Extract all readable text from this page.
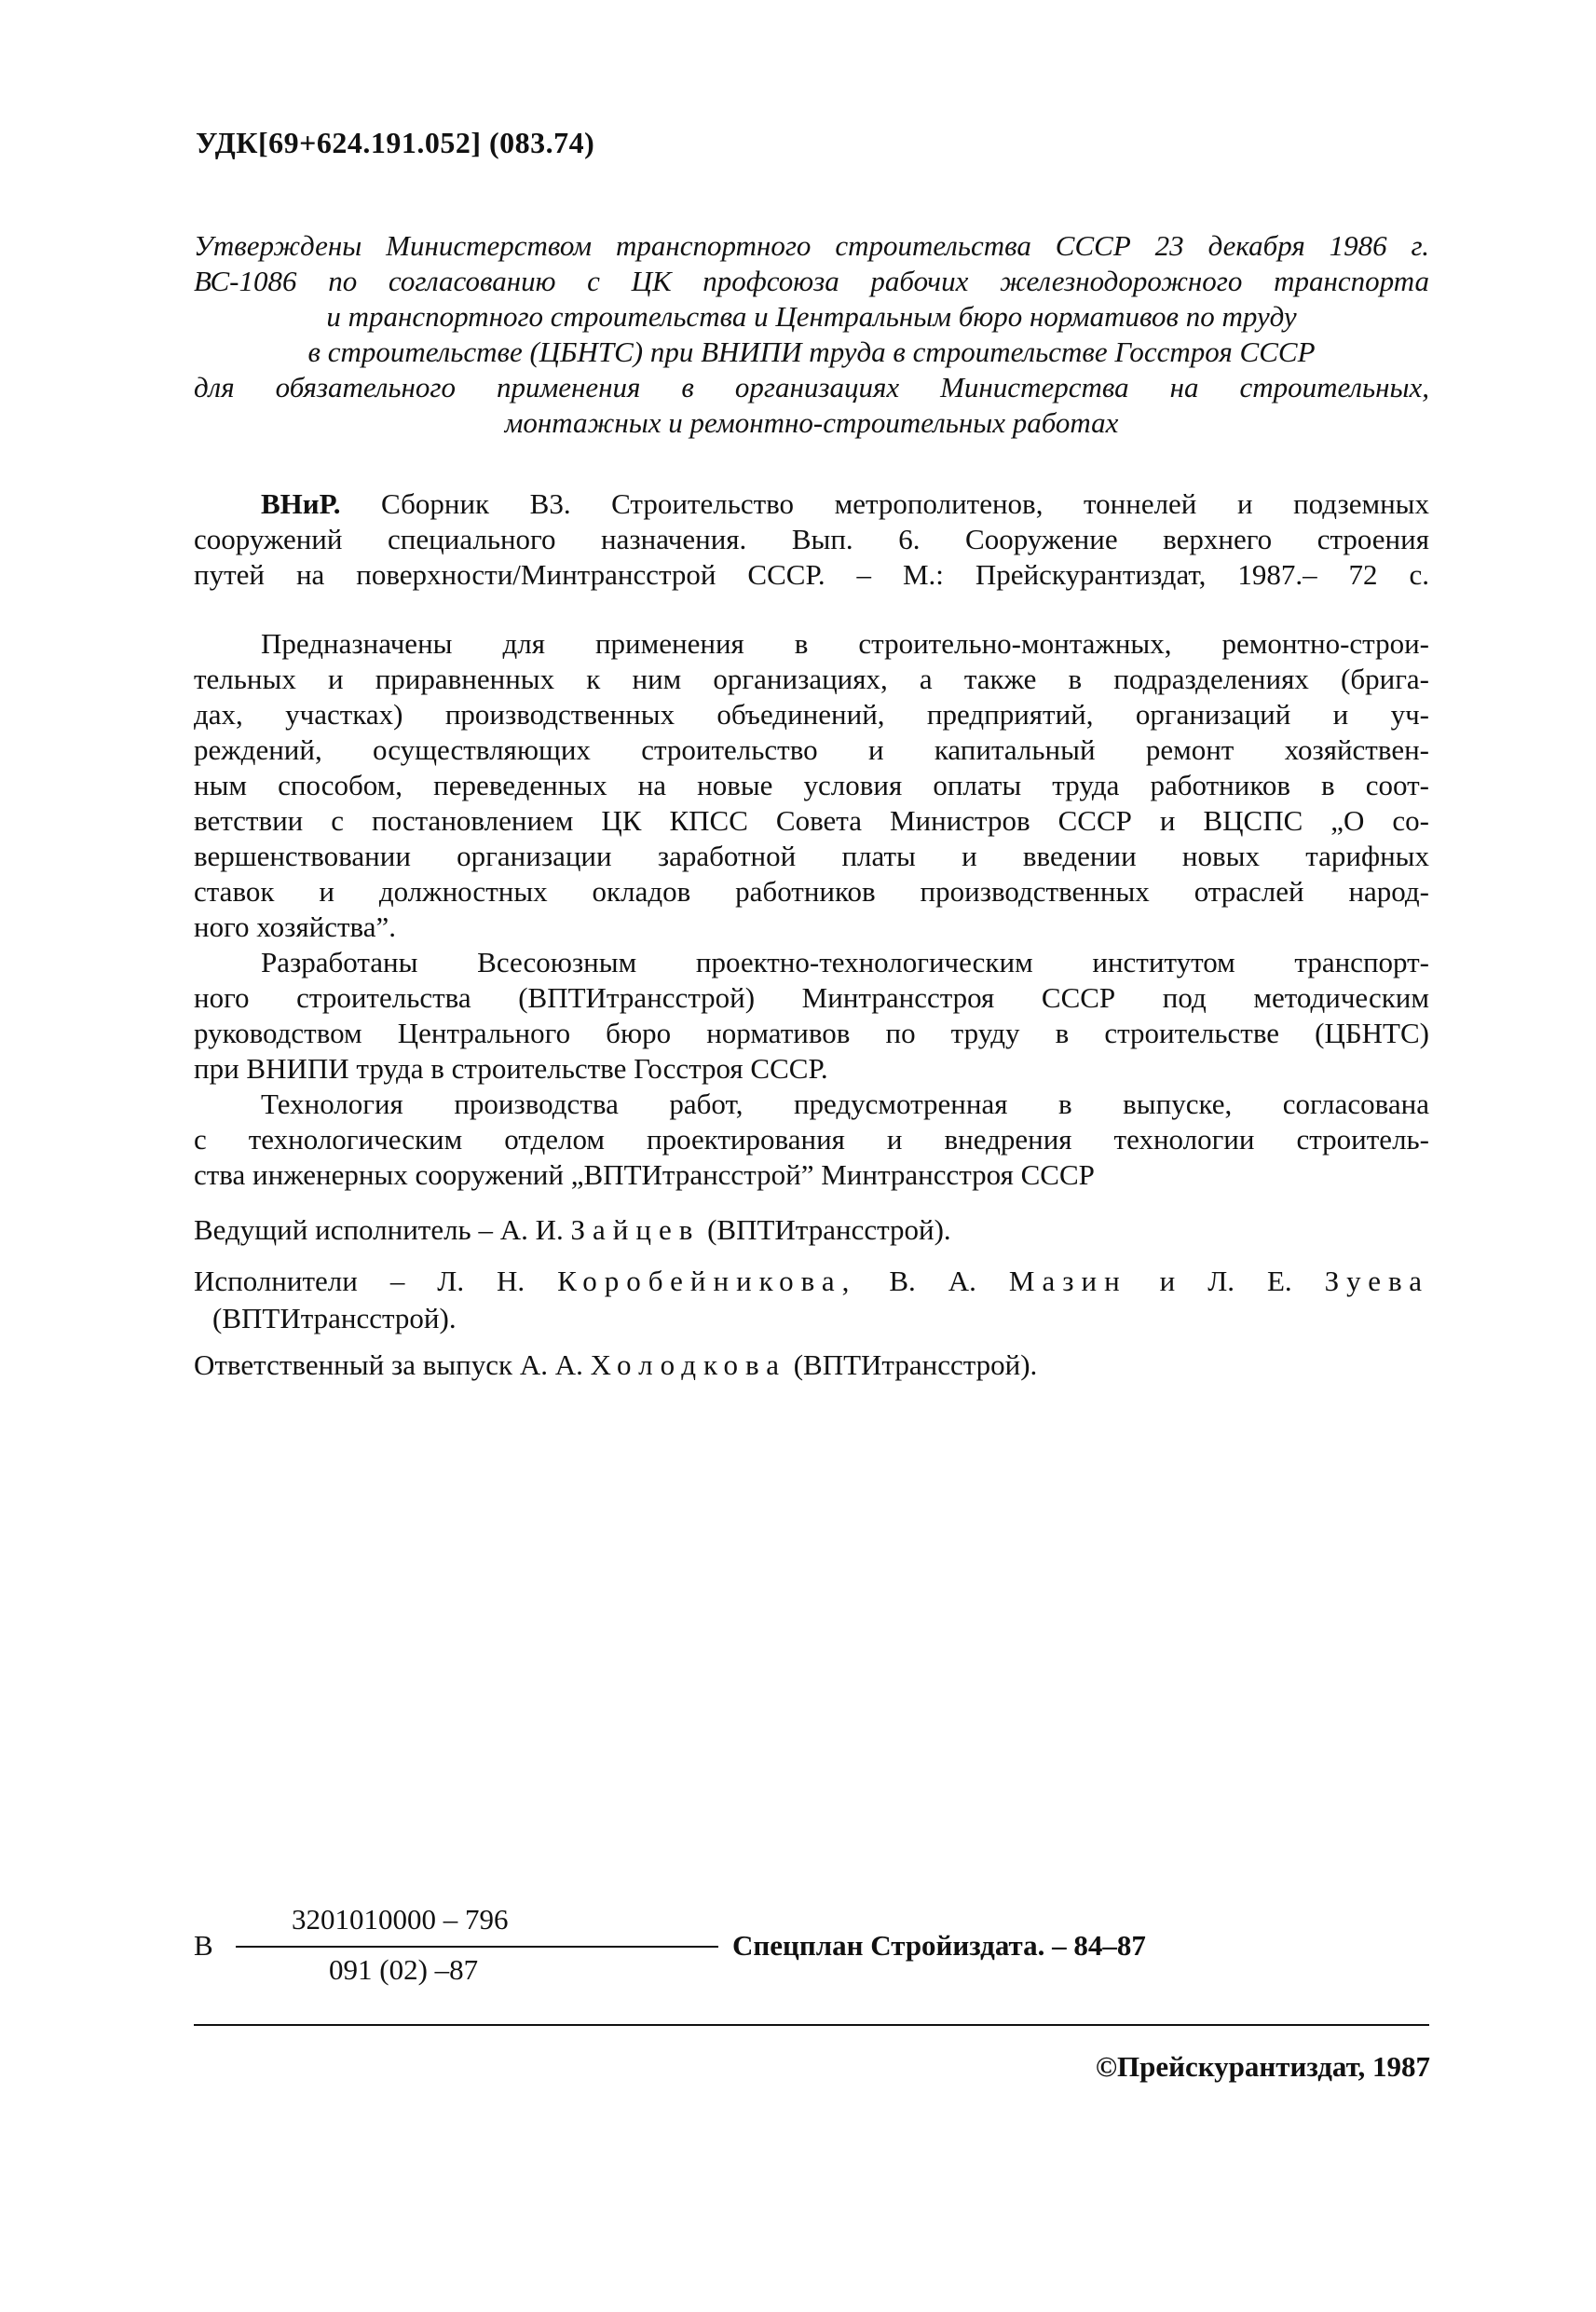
УДК[69+624.191.052] (083.74)
Утверждены Министерством транспортного строительства СССР 23 декабря 1986 г.
ВС-1086 по согласованию с ЦК профсоюза рабочих железнодорожного транспорта
и транспортного строительства и Центральным бюро нормативов по труду
в строительстве (ЦБНТС) при ВНИПИ труда в строительстве Госстроя СССР
для обязательного применения в организациях Министерства на строительных,
монтажных и ремонтно-строительных работах
ВНиР. Сборник В3. Строительство метрополитенов, тоннелей и подземных
сооружений специального назначения. Вып. 6. Сооружение верхнего строения
путей на поверхности/Минтрансстрой СССР. – М.: Прейскурантиздат, 1987.– 72 с.
Предназначены для применения в строительно-монтажных, ремонтно-строи-
тельных и приравненных к ним организациях, а также в подразделениях (брига-
дах, участках) производственных объединений, предприятий, организаций и уч-
реждений, осуществляющих строительство и капитальный ремонт хозяйствен-
ным способом, переведенных на новые условия оплаты труда работников в соот-
ветствии с постановлением ЦК КПСС Совета Министров СССР и ВЦСПС „О со-
вершенствовании организации заработной платы и введении новых тарифных
ставок и должностных окладов работников производственных отраслей народ-
ного хозяйства”.
Разработаны Всесоюзным проектно-технологическим институтом транспорт-
ного строительства (ВПТИтрансстрой) Минтрансстроя СССР под методическим
руководством Центрального бюро нормативов по труду в строительстве (ЦБНТС)
при ВНИПИ труда в строительстве Госстроя СССР.
Технология производства работ, предусмотренная в выпуске, согласована
с технологическим отделом проектирования и внедрения технологии строитель-
ства инженерных сооружений „ВПТИтрансстрой” Минтрансстроя СССР
Ведущий исполнитель – А. И. Зайцев (ВПТИтрансстрой).
Исполнители – Л. Н. Коробейникова, В. А. Мазин и Л. Е. Зуева
(ВПТИтрансстрой).
Ответственный за выпуск А. А. Холодкова (ВПТИтрансстрой).
В
3201010000 – 796
091 (02) –87
Спецплан Стройиздата. – 84–87
©Прейскурантиздат, 1987
